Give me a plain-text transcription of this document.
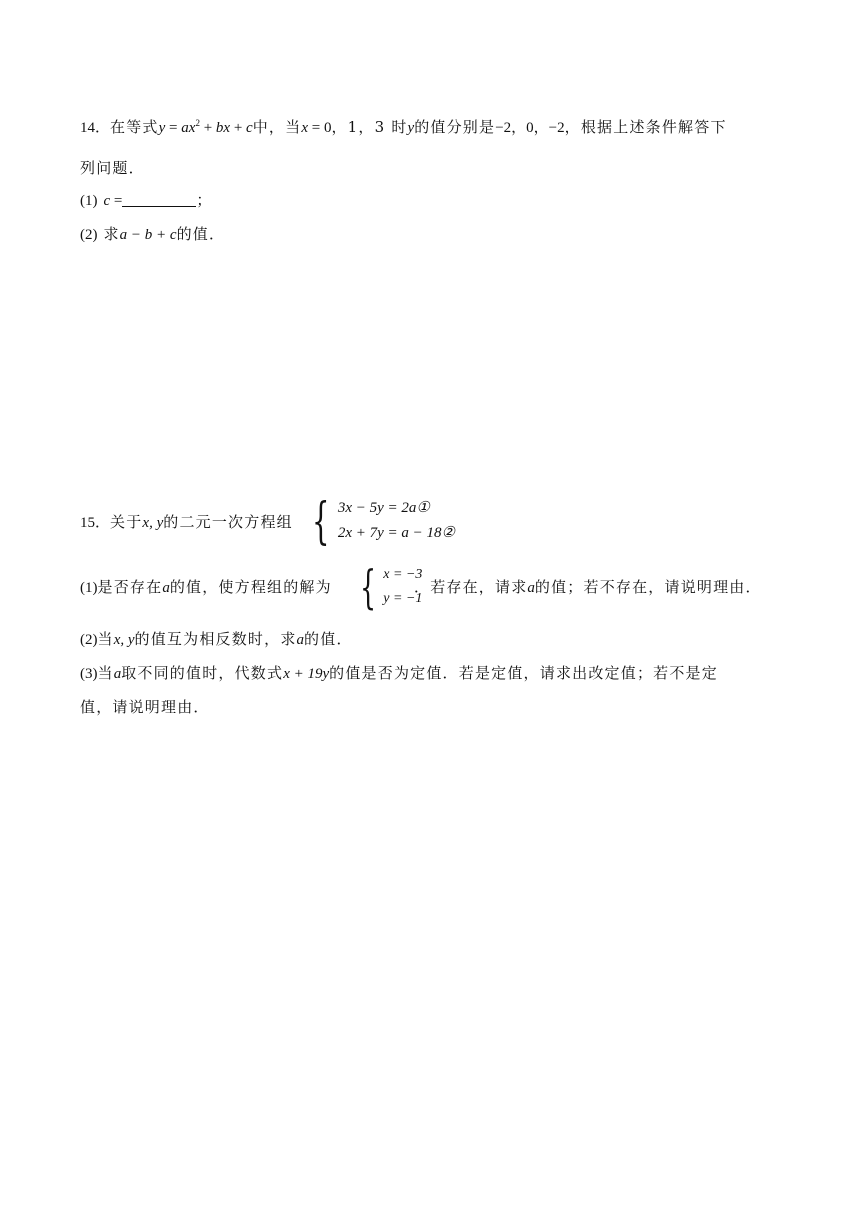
14．在等式$y = ax^2$ + bx + c中，当x = 0，1，3 时y的值分别是−2，0，−2，根据上述条件解答下
列问题．
(1) c =	；
(2) 求a − b + c的值．
15．关于x, y的二元一次方程组 { 3x − 5y = 2a①
2x + 7y = a − 18②
(1)是否存在a的值，使方程组的解为 { x = −3
y = −1
．若存在，请求a的值；若不存在，请说明理由．
(2)当x, y的值互为相反数时，求a的值．
(3)当a取不同的值时，代数式x + 19y的值是否为定值．若是定值，请求出改定值；若不是定
值，请说明理由．
